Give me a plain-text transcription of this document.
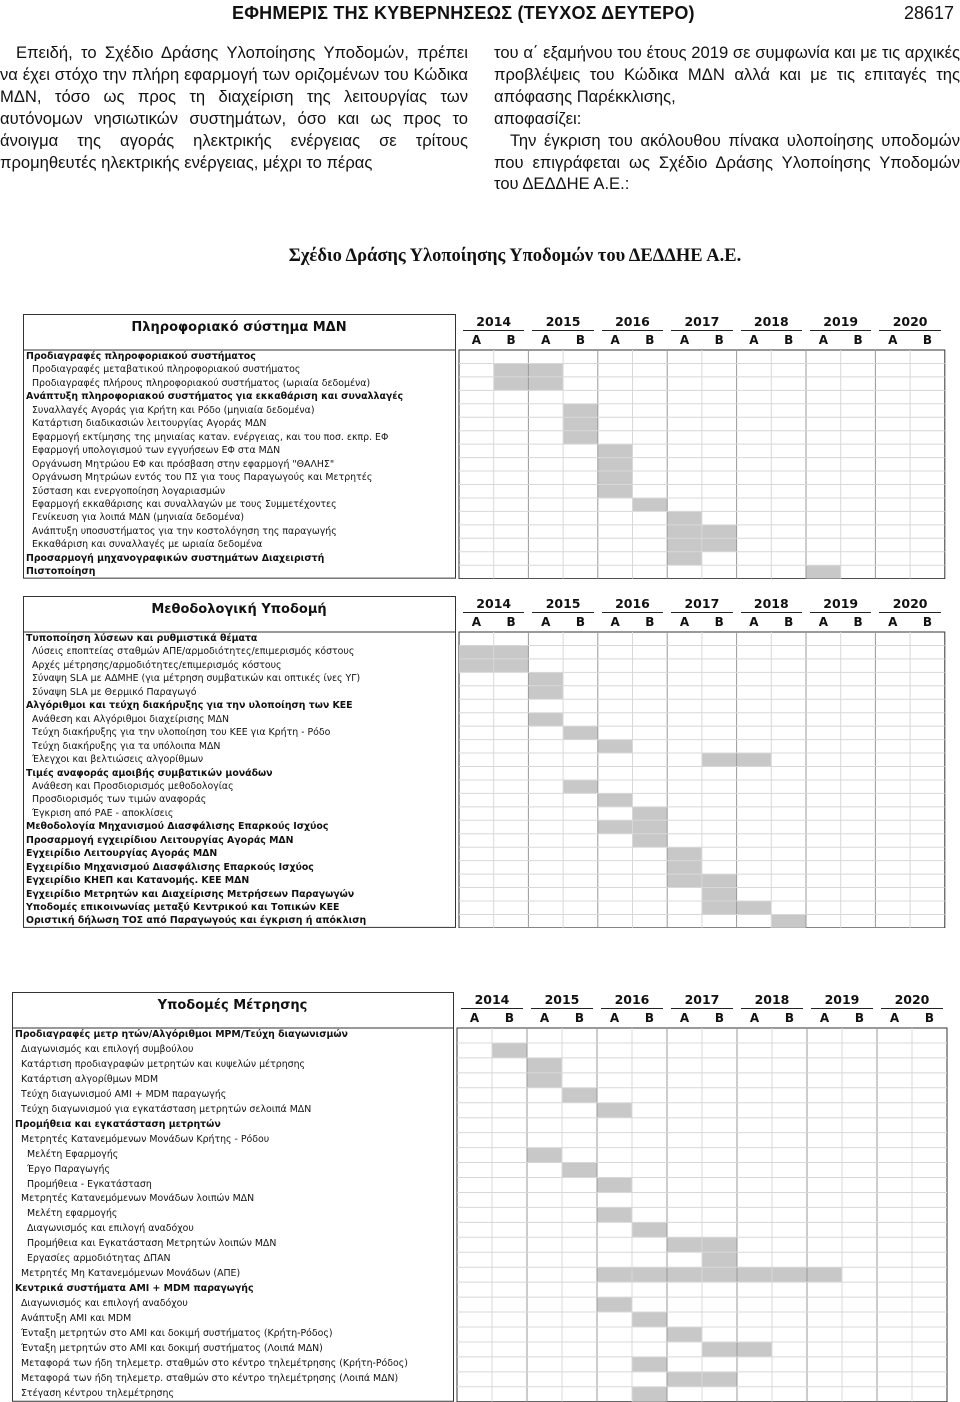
ΕΦΗΜΕΡΙΣ ΤΗΣ ΚΥΒΕΡΝΗΣΕΩΣ (ΤΕΥΧΟΣ ΔΕΥΤΕΡΟ)	28617

Επειδή, το Σχέδιο Δράσης Υλοποίησης Υποδομών, πρέπει να έχει στόχο την πλήρη εφαρμογή των οριζομένων του Κώδικα ΜΔΝ, τόσο ως προς τη διαχείριση της λειτουργίας των αυτόνομων νησιωτικών συστημάτων, όσο και ως προς το άνοιγμα της αγοράς ηλεκτρικής ενέργειας σε τρίτους προμηθευτές ηλεκτρικής ενέργειας, μέχρι το πέρας

του α΄ εξαμήνου του έτους 2019 σε συμφωνία και με τις αρχικές προβλέψεις του Κώδικα ΜΔΝ αλλά και με τις επιταγές της απόφασης Παρέκκλισης,

αποφασίζει:

Την έγκριση του ακόλουθου πίνακα υλοποίησης υποδομών που επιγράφεται ως Σχέδιο Δράσης Υλοποίησης Υποδομών του ΔΕΔΔΗΕ Α.Ε.:

Σχέδιο Δράσης Υλοποίησης Υποδομών του ΔΕΔΔΗΕ Α.Ε.
Πληροφοριακό σύστημα ΜΔΝ	2014	2015	2016	2017	2018	2019	2020
Α	Β	Α	Β	Α	Β	Α	Β	Α	Β	Α	Β	Α	Β
Προδιαγραφές πληροφοριακού συστήματος
Προδιαγραφές μεταβατικού πληροφοριακού συστήματος
Προδιαγραφές πλήρους πληροφοριακού συστήματος (ωριαία δεδομένα)
Ανάπτυξη πληροφοριακού συστήματος για εκκαθάριση και συναλλαγές
Συναλλαγές Αγοράς για Κρήτη και Ρόδο (μηνιαία δεδομένα)
Κατάρτιση διαδικασιών λειτουργίας Αγοράς ΜΔΝ
Εφαρμογή εκτίμησης της μηνιαίας καταν. ενέργειας, και του ποσ. εκπρ. ΕΦ
Εφαρμογή υπολογισμού των εγγυήσεων ΕΦ στα ΜΔΝ
Οργάνωση Μητρώου ΕΦ και πρόσβαση στην εφαρμογή "ΘΑΛΗΣ"
Οργάνωση Μητρώων εντός του ΠΣ για τους Παραγωγούς και Μετρητές
Σύσταση και ενεργοποίηση λογαριασμών
Εφαρμογή εκκαθάρισης και συναλλαγών με τους Συμμετέχοντες
Γενίκευση για λοιπά ΜΔΝ (μηνιαία δεδομένα)
Ανάπτυξη υποσυστήματος για την κοστολόγηση της παραγωγής
Εκκαθάριση και συναλλαγές με ωριαία δεδομένα
Προσαρμογή μηχανογραφικών συστημάτων Διαχειριστή
Πιστοποίηση
Μεθοδολογική Υποδομή	2014	2015	2016	2017	2018	2019	2020
Α	Β	Α	Β	Α	Β	Α	Β	Α	Β	Α	Β	Α	Β
Τυποποίηση λύσεων και ρυθμιστικά θέματα
Λύσεις εποπτείας σταθμών ΑΠΕ/αρμοδιότητες/επιμερισμός κόστους
Αρχές μέτρησης/αρμοδιότητες/επιμερισμός κόστους
Σύναψη SLA με ΑΔΜΗΕ (για μέτρηση συμβατικών και οπτικές ίνες ΥΓ)
Σύναψη SLA με Θερμικό Παραγωγό
Αλγόριθμοι και τεύχη διακήρυξης για την υλοποίηση των ΚΕΕ
Ανάθεση και Αλγόριθμοι διαχείρισης ΜΔΝ
Τεύχη διακήρυξης για την υλοποίηση του ΚΕΕ για Κρήτη - Ρόδο
Τεύχη διακήρυξης για τα υπόλοιπα ΜΔΝ
Έλεγχοι και βελτιώσεις αλγορίθμων
Τιμές αναφοράς αμοιβής συμβατικών μονάδων
Ανάθεση και Προσδιορισμός μεθοδολογίας
Προσδιορισμός των τιμών αναφοράς
Έγκριση από ΡΑΕ - αποκλίσεις
Μεθοδολογία Μηχανισμού Διασφάλισης Επαρκούς Ισχύος
Προσαρμογή εγχειρίδιου Λειτουργίας Αγοράς ΜΔΝ
Εγχειρίδιο Λειτουργίας Αγοράς ΜΔΝ
Εγχειρίδιο Μηχανισμού Διασφάλισης Επαρκούς Ισχύος
Εγχειρίδιο ΚΗΕΠ και Κατανομής. ΚΕΕ ΜΔΝ
Εγχειρίδιο Μετρητών και Διαχείρισης Μετρήσεων Παραγωγών
Υποδομές επικοινωνίας μεταξύ Κεντρικού και Τοπικών ΚΕΕ
Οριστική δήλωση ΤΟΣ από Παραγωγούς και έγκριση ή απόκλιση
Υποδομές Μέτρησης	2014	2015	2016	2017	2018	2019	2020
Α	Β	Α	Β	Α	Β	Α	Β	Α	Β	Α	Β	Α	Β
Προδιαγραφές μετρ ητών/Αλγόριθμοι ΜΡΜ/Τεύχη διαγωνισμών
Διαγωνισμός και επιλογή συμβούλου
Κατάρτιση προδιαγραφών μετρητών και κυψελών μέτρησης
Κατάρτιση αλγορίθμων MDM
Τεύχη διαγωνισμού AMI + MDM παραγωγής
Τεύχη διαγωνισμού για εγκατάσταση μετρητών σελοιπά ΜΔΝ
Προμήθεια και εγκατάσταση μετρητών
Μετρητές Κατανεμόμενων Μονάδων Κρήτης - Ρόδου
Μελέτη Εφαρμογής
Έργο Παραγωγής
Προμήθεια - Εγκατάσταση
Μετρητές Κατανεμόμενων Μονάδων λοιπών ΜΔΝ
Μελέτη εφαρμογής
Διαγωνισμός και επιλογή αναδόχου
Προμήθεια και Εγκατάσταση Μετρητών λοιπών ΜΔΝ
Εργασίες αρμοδιότητας ΔΠΑΝ
Μετρητές Μη Κατανεμόμενων Μονάδων (ΑΠΕ)
Κεντρικά συστήματα AMI + MDM παραγωγής
Διαγωνισμός και επιλογή αναδόχου
Ανάπτυξη AMI και MDM
Ένταξη μετρητών στο AMI και δοκιμή συστήματος (Κρήτη-Ρόδος)
Ένταξη μετρητών στο AMI και δοκιμή συστήματος (Λοιπά ΜΔΝ)
Μεταφορά των ήδη τηλεμετρ. σταθμών στο κέντρο τηλεμέτρησης (Κρήτη-Ρόδος)
Μεταφορά των ήδη τηλεμετρ. σταθμών στο κέντρο τηλεμέτρησης (Λοιπά ΜΔΝ)
Στέγαση κέντρου τηλεμέτρησης
